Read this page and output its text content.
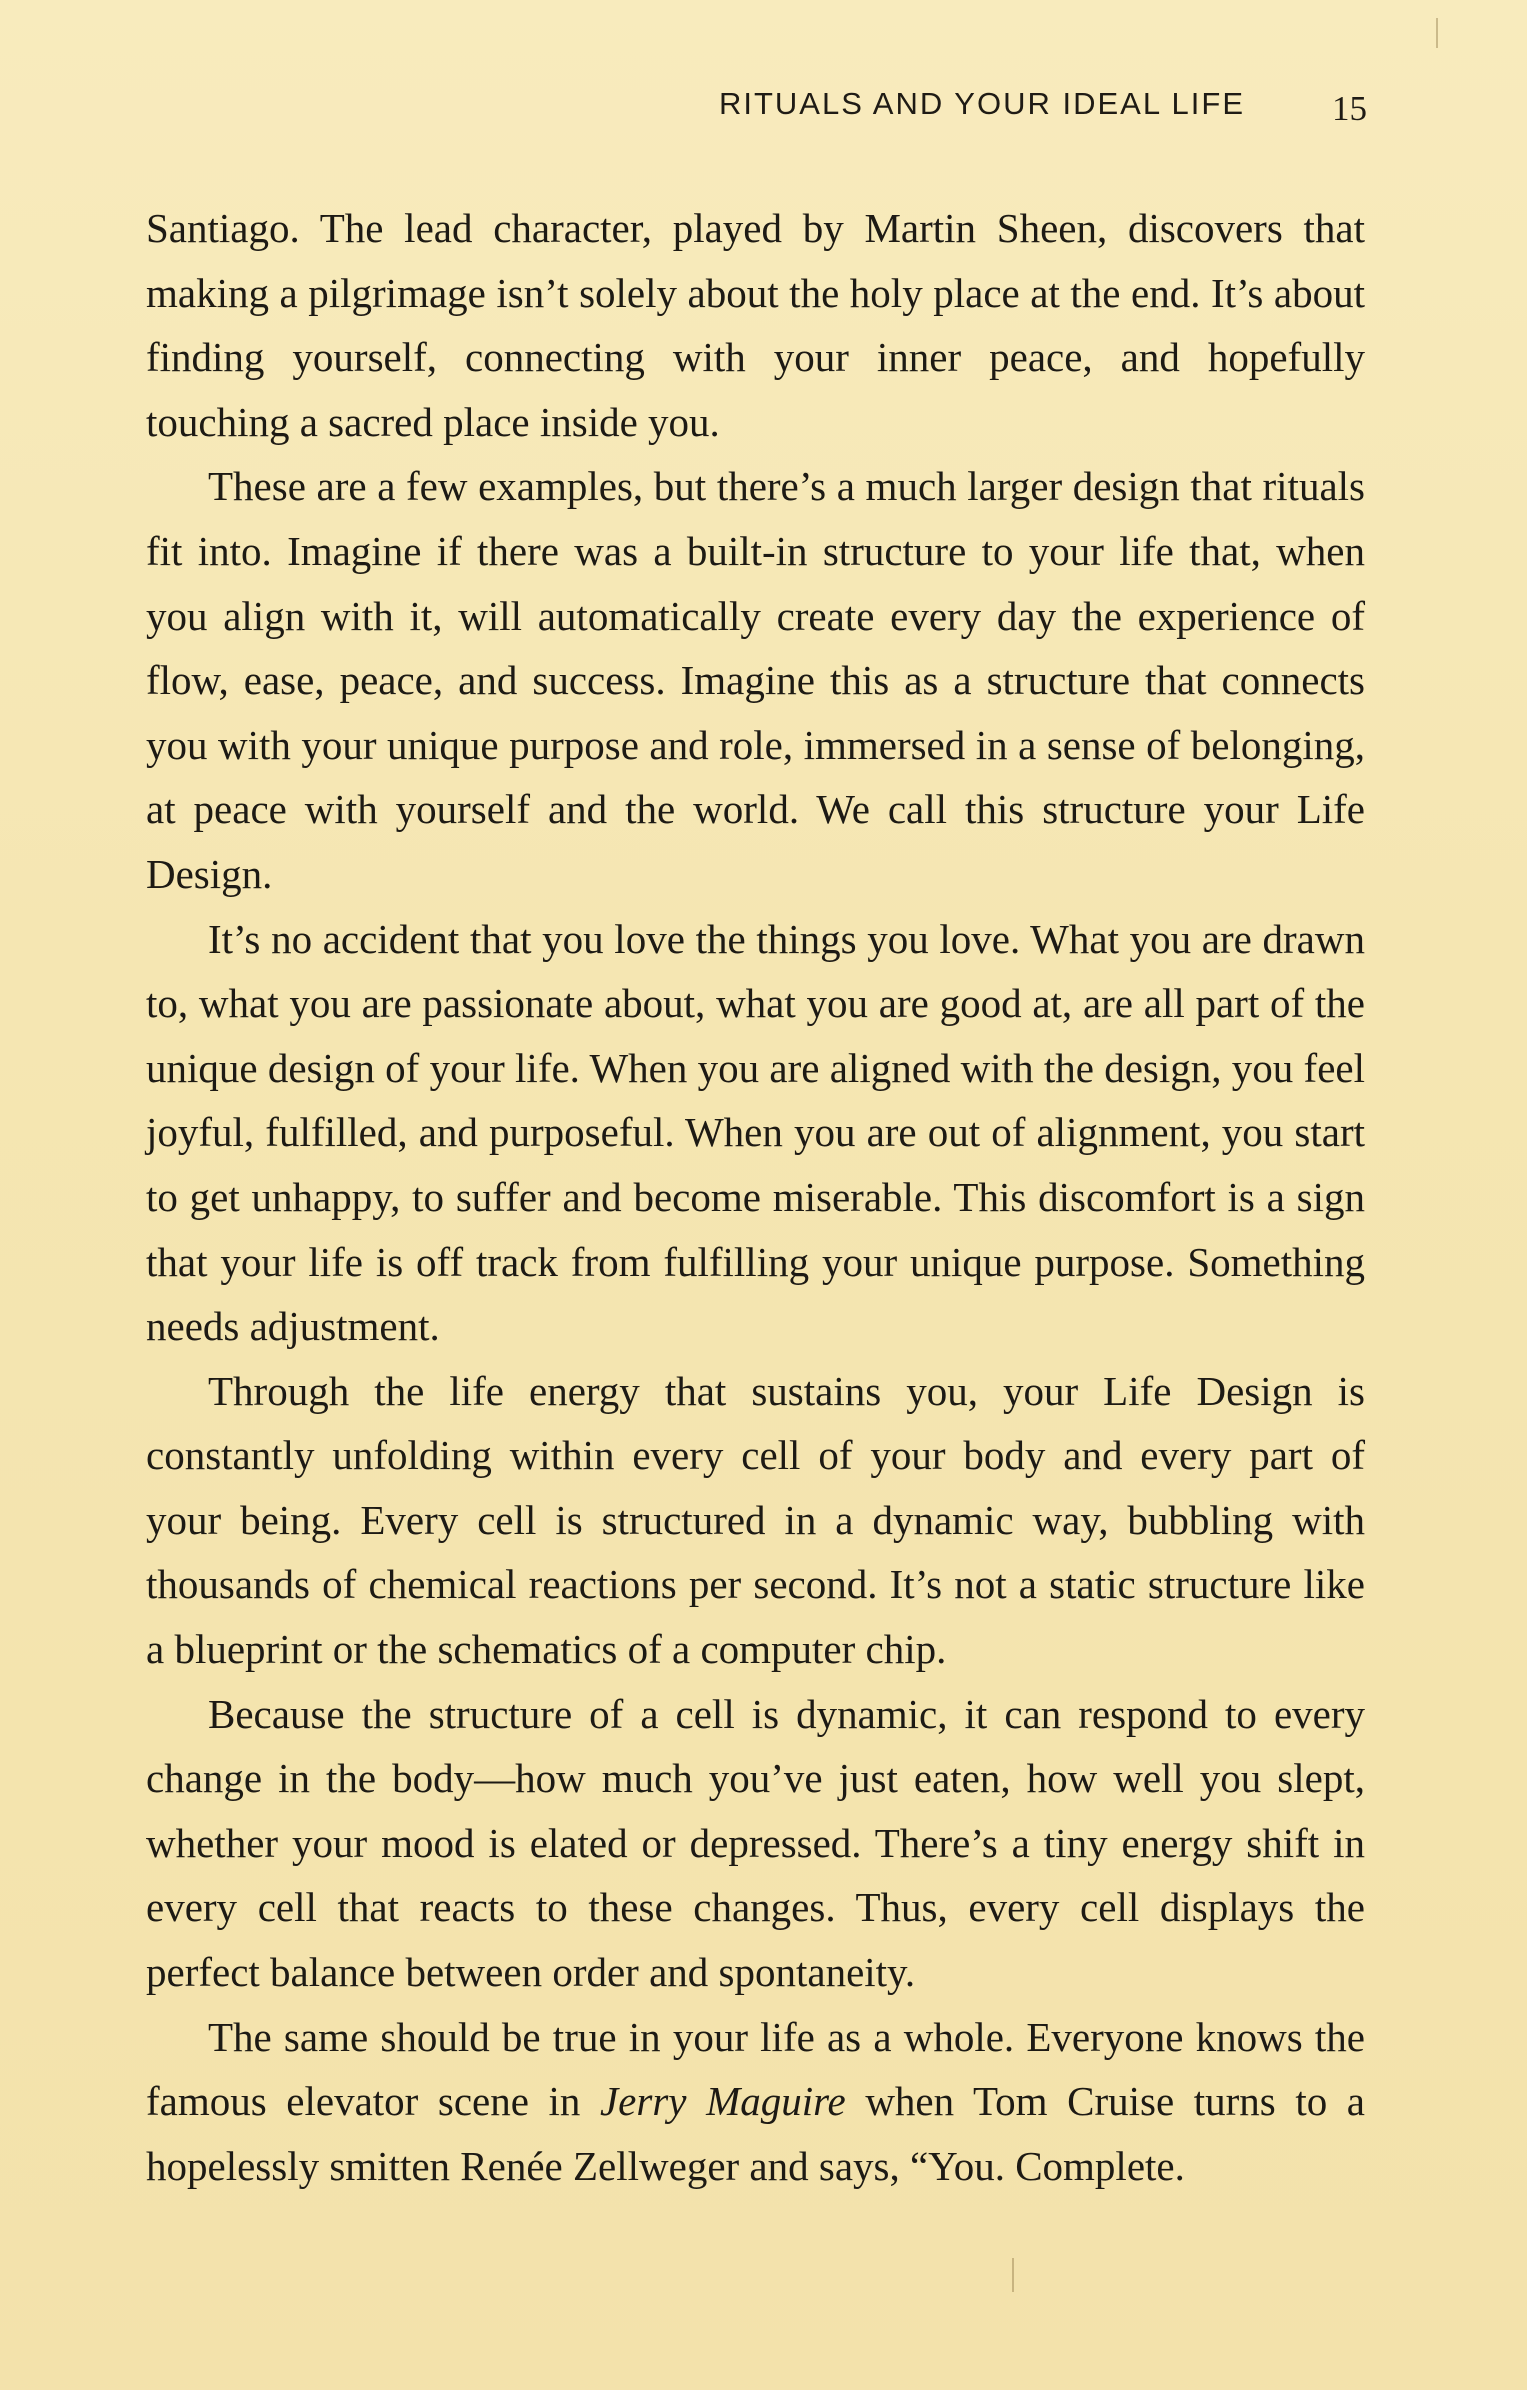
RITUALS AND YOUR IDEAL LIFE 15

Santiago. The lead character, played by Martin Sheen, discovers that making a pilgrimage isn’t solely about the holy place at the end. It’s about finding yourself, connecting with your inner peace, and hopefully touching a sacred place inside you.

These are a few examples, but there’s a much larger design that rituals fit into. Imagine if there was a built-in structure to your life that, when you align with it, will automatically create every day the experience of flow, ease, peace, and success. Imagine this as a structure that connects you with your unique purpose and role, immersed in a sense of belonging, at peace with yourself and the world. We call this structure your Life Design.

It’s no accident that you love the things you love. What you are drawn to, what you are passionate about, what you are good at, are all part of the unique design of your life. When you are aligned with the design, you feel joyful, fulfilled, and purposeful. When you are out of alignment, you start to get unhappy, to suffer and become miserable. This discomfort is a sign that your life is off track from fulfilling your unique purpose. Something needs adjustment.

Through the life energy that sustains you, your Life Design is constantly unfolding within every cell of your body and every part of your being. Every cell is structured in a dynamic way, bubbling with thousands of chemical reactions per second. It’s not a static structure like a blueprint or the schematics of a computer chip.

Because the structure of a cell is dynamic, it can respond to every change in the body—how much you’ve just eaten, how well you slept, whether your mood is elated or depressed. There’s a tiny energy shift in every cell that reacts to these changes. Thus, every cell displays the perfect balance between order and spontaneity.

The same should be true in your life as a whole. Everyone knows the famous elevator scene in Jerry Maguire when Tom Cruise turns to a hopelessly smitten Renée Zellweger and says, “You. Complete.
